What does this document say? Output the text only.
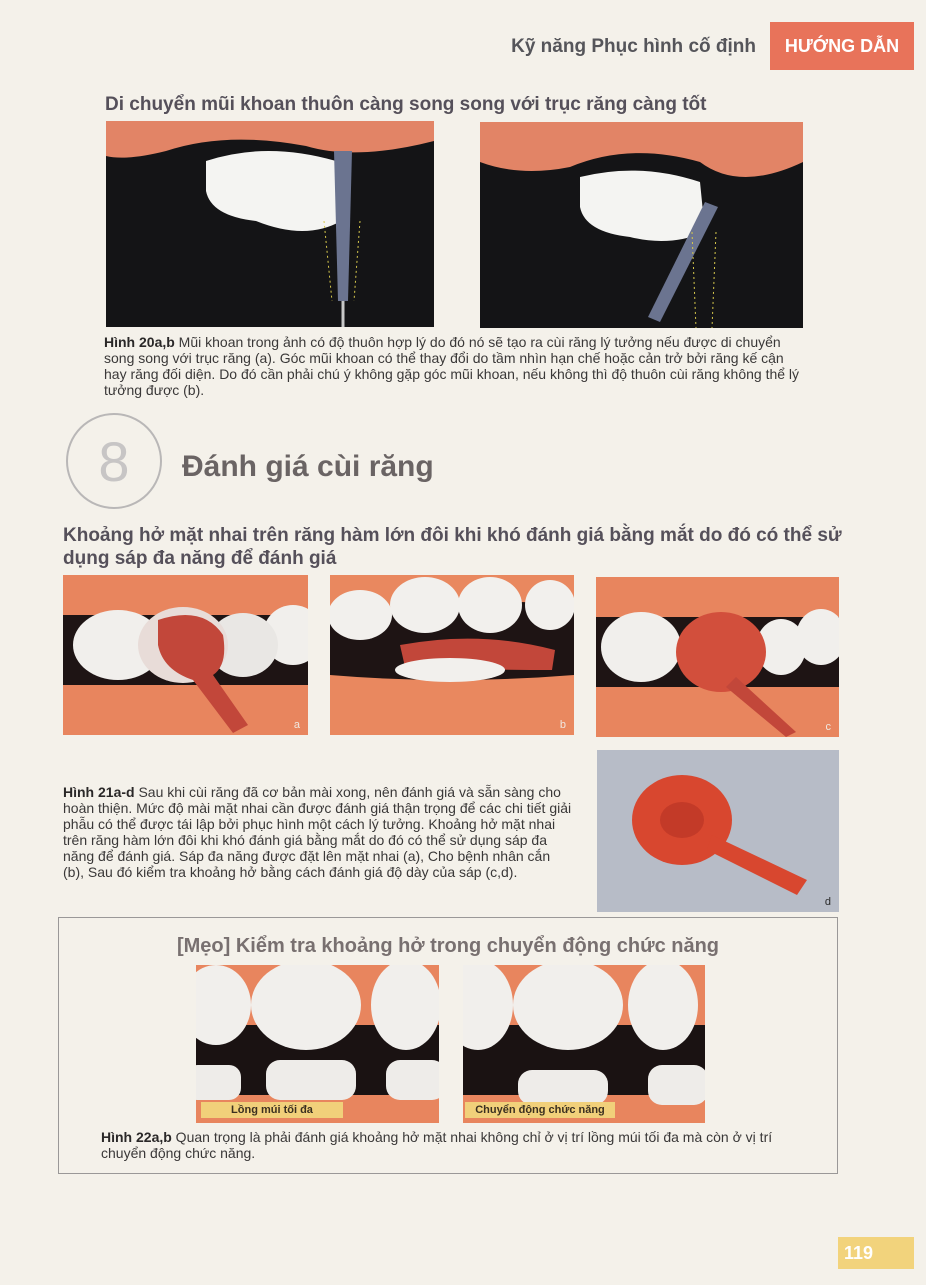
Kỹ năng Phục hình cố định	HƯỚNG DẪN
Di chuyển mũi khoan thuôn càng song song với trục răng càng tốt
Hình 20a,b Mũi khoan trong ảnh có độ thuôn hợp lý do đó nó sẽ tạo ra cùi răng lý tưởng nếu được di chuyển song song với trục răng (a). Góc mũi khoan có thể thay đổi do tầm nhìn hạn chế hoặc cản trở bởi răng kế cận hay răng đối diện. Do đó cần phải chú ý không gặp góc mũi khoan, nếu không thì độ thuôn cùi răng không thể lý tưởng được (b).
8 Đánh giá cùi răng
Khoảng hở mặt nhai trên răng hàm lớn đôi khi khó đánh giá bằng mắt do đó có thể sử dụng sáp đa năng để đánh giá
a	b	c
Hình 21a-d Sau khi cùi răng đã cơ bản mài xong, nên đánh giá và sẵn sàng cho hoàn thiện. Mức độ mài mặt nhai cần được đánh giá thận trọng để các chi tiết giải phẫu có thể được tái lập bởi phục hình một cách lý tưởng. Khoảng hở mặt nhai trên răng hàm lớn đôi khi khó đánh giá bằng mắt do đó có thể sử dụng sáp đa năng để đánh giá. Sáp đa năng được đặt lên mặt nhai (a), Cho bệnh nhân cắn (b), Sau đó kiểm tra khoảng hở bằng cách đánh giá độ dày của sáp (c,d).
d
[Mẹo] Kiểm tra khoảng hở trong chuyển động chức năng
Lồng múi tối đa	Chuyển động chức năng
Hình 22a,b Quan trọng là phải đánh giá khoảng hở mặt nhai không chỉ ở vị trí lồng múi tối đa mà còn ở vị trí chuyển động chức năng.
119
